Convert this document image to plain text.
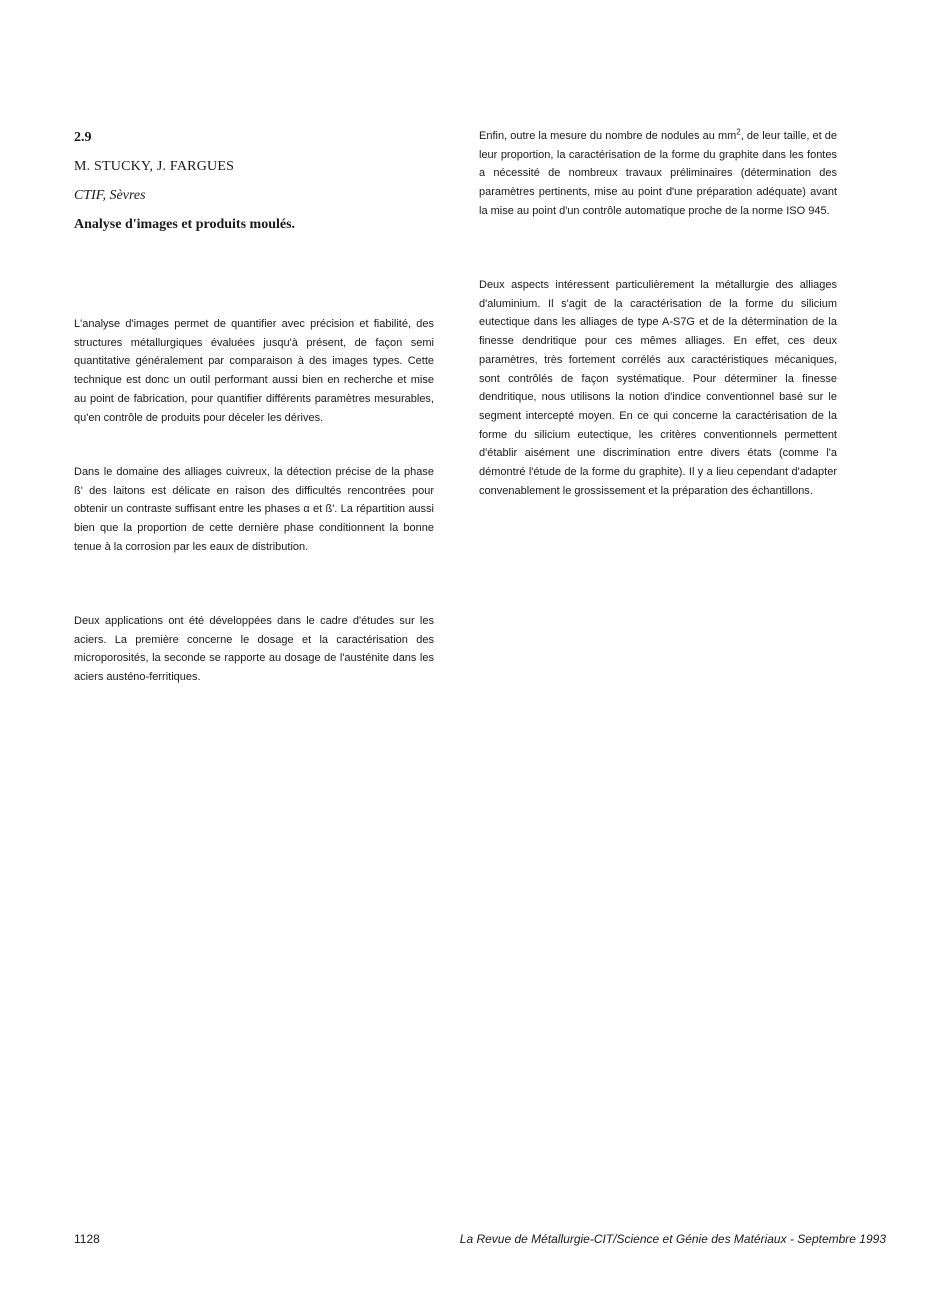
2.9

M. STUCKY, J. FARGUES

CTIF, Sèvres

Analyse d'images et produits moulés.

L'analyse d'images permet de quantifier avec précision et fiabilité, des structures métallurgiques évaluées jusqu'à présent, de façon semi quantitative généralement par comparaison à des images types. Cette technique est donc un outil performant aussi bien en recherche et mise au point de fabrication, pour quantifier différents paramètres mesurables, qu'en contrôle de produits pour déceler les dérives.

Dans le domaine des alliages cuivreux, la détection précise de la phase ß' des laitons est délicate en raison des difficultés rencontrées pour obtenir un contraste suffisant entre les phases α et ß'. La répartition aussi bien que la proportion de cette dernière phase conditionnent la bonne tenue à la corrosion par les eaux de distribution.

Deux applications ont été développées dans le cadre d'études sur les aciers. La première concerne le dosage et la caractérisation des microporosités, la seconde se rapporte au dosage de l'austénite dans les aciers austéno-ferritiques.

Enfin, outre la mesure du nombre de nodules au $mm^2$, de leur taille, et de leur proportion, la caractérisation de la forme du graphite dans les fontes a nécessité de nombreux travaux préliminaires (détermination des paramètres pertinents, mise au point d'une préparation adéquate) avant la mise au point d'un contrôle automatique proche de la norme ISO 945.

Deux aspects intéressent particulièrement la métallurgie des alliages d'aluminium. Il s'agit de la caractérisation de la forme du silicium eutectique dans les alliages de type A-S7G et de la détermination de la finesse dendritique pour ces mêmes alliages. En effet, ces deux paramètres, très fortement corrélés aux caractéristiques mécaniques, sont contrôlés de façon systématique. Pour déterminer la finesse dendritique, nous utilisons la notion d'indice conventionnel basé sur le segment intercepté moyen. En ce qui concerne la caractérisation de la forme du silicium eutectique, les critères conventionnels permettent d'établir aisément une discrimination entre divers états (comme l'a démontré l'étude de la forme du graphite). Il y a lieu cependant d'adapter convenablement le grossissement et la préparation des échantillons.

1128	La Revue de Métallurgie-CIT/Science et Génie des Matériaux - Septembre 1993
